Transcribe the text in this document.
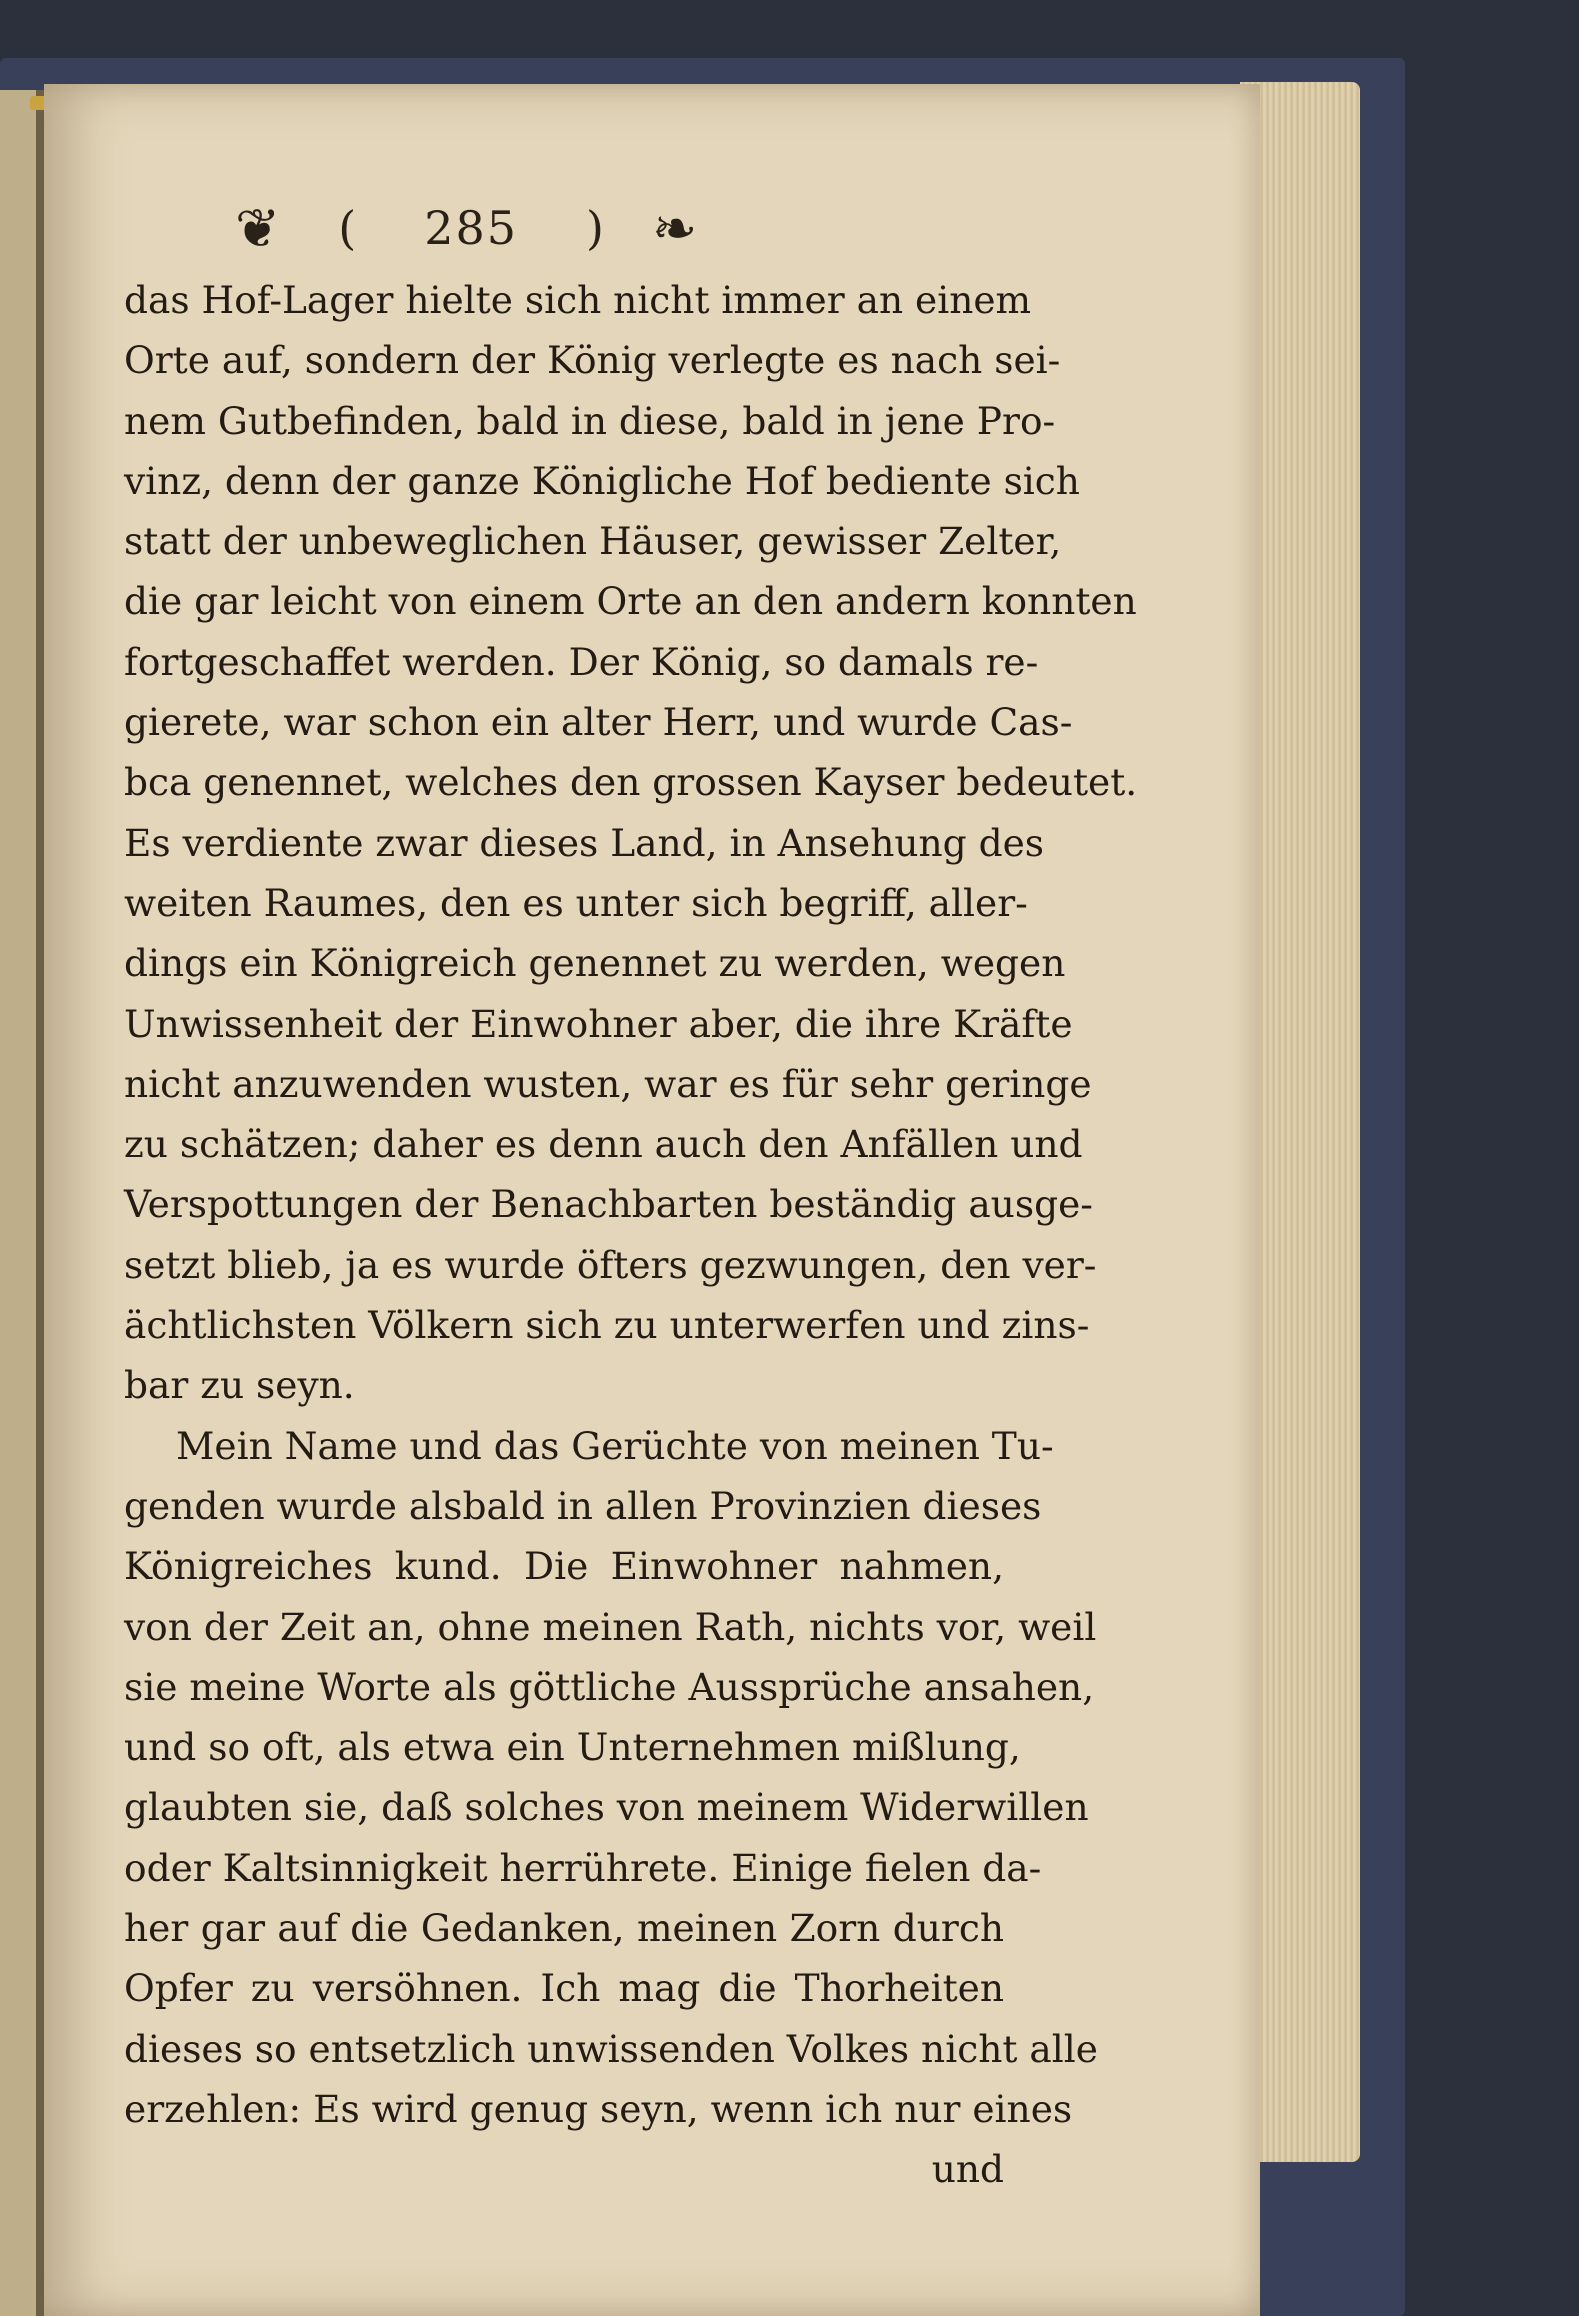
❦ ( 285 ) ❧
das Hof-Lager hielte sich nicht immer an einem
Orte auf, sondern der König verlegte es nach sei-
nem Gutbefinden, bald in diese, bald in jene Pro-
vinz, denn der ganze Königliche Hof bediente sich
statt der unbeweglichen Häuser, gewisser Zelter,
die gar leicht von einem Orte an den andern konnten
fortgeschaffet werden. Der König, so damals re-
gierete, war schon ein alter Herr, und wurde Cas-
bca genennet, welches den grossen Kayser bedeutet.
Es verdiente zwar dieses Land, in Ansehung des
weiten Raumes, den es unter sich begriff, aller-
dings ein Königreich genennet zu werden, wegen
Unwissenheit der Einwohner aber, die ihre Kräfte
nicht anzuwenden wusten, war es für sehr geringe
zu schätzen; daher es denn auch den Anfällen und
Verspottungen der Benachbarten beständig ausge-
setzt blieb, ja es wurde öfters gezwungen, den ver-
ächtlichsten Völkern sich zu unterwerfen und zins-
bar zu seyn.
Mein Name und das Gerüchte von meinen Tu-
genden wurde alsbald in allen Provinzien dieses
Königreiches kund. Die Einwohner nahmen,
von der Zeit an, ohne meinen Rath, nichts vor, weil
sie meine Worte als göttliche Aussprüche ansahen,
und so oft, als etwa ein Unternehmen mißlung,
glaubten sie, daß solches von meinem Widerwillen
oder Kaltsinnigkeit herrührete. Einige fielen da-
her gar auf die Gedanken, meinen Zorn durch
Opfer zu versöhnen. Ich mag die Thorheiten
dieses so entsetzlich unwissenden Volkes nicht alle
erzehlen: Es wird genug seyn, wenn ich nur eines
und
